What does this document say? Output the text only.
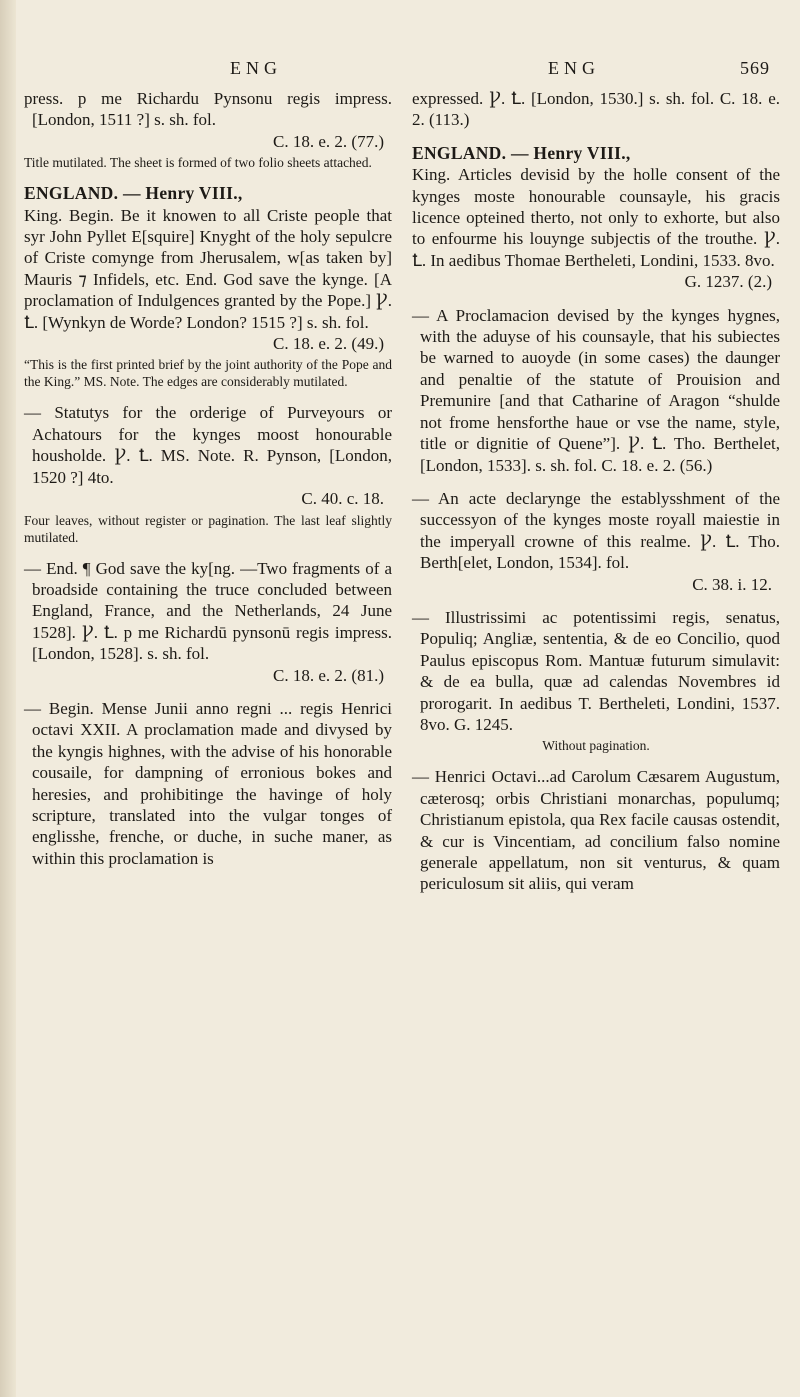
ENG	ENG	569

press. p me Richardu Pynsonu regis impress. [London, 1511 ?] s. sh. fol.

C. 18. e. 2. (77.)

Title mutilated. The sheet is formed of two folio sheets attached.

ENGLAND. — Henry VIII.,

King. Begin. Be it knowen to all Criste people that syr John Pyllet E[squire] Knyght of the holy sepulcre of Criste comynge from Jherusalem, w[as taken by] Mauris ⁊ Infidels, etc. End. God save the kynge. [A proclamation of Indulgences granted by the Pope.] Ꝩ. Ꝉ. [Wynkyn de Worde? London? 1515 ?] s. sh. fol.

C. 18. e. 2. (49.)

“This is the first printed brief by the joint authority of the Pope and the King.” MS. Note. The edges are considerably mutilated.

— Statutys for the orderige of Purveyours or Achatours for the kynges moost honourable housholde. Ꝩ. Ꝉ. MS. Note. R. Pynson, [London, 1520 ?] 4to.

C. 40. c. 18.

Four leaves, without register or pagination. The last leaf slightly mutilated.

— End. ¶ God save the ky[ng. —Two fragments of a broadside containing the truce concluded between England, France, and the Netherlands, 24 June 1528]. Ꝩ. Ꝉ. p me Richardū pynsonū regis impress. [London, 1528]. s. sh. fol.

C. 18. e. 2. (81.)

— Begin. Mense Junii anno regni ... regis Henrici octavi XXII. A proclamation made and divysed by the kyngis highnes, with the advise of his honorable cousaile, for dampning of erronious bokes and heresies, and prohibitinge the havinge of holy scripture, translated into the vulgar tonges of englisshe, frenche, or duche, in suche maner, as within this proclamation is

expressed. Ꝩ. Ꝉ. [London, 1530.] s. sh. fol. C. 18. e. 2. (113.)

ENGLAND. — Henry VIII.,

King. Articles devisid by the holle consent of the kynges moste honourable counsayle, his gracis licence opteined therto, not only to exhorte, but also to enfourme his louynge subjectis of the trouthe. Ꝩ. Ꝉ. In aedibus Thomae Bertheleti, Londini, 1533. 8vo.

G. 1237. (2.)

— A Proclamacion devised by the kynges hygnes, with the aduyse of his counsayle, that his subiectes be warned to auoyde (in some cases) the daunger and penaltie of the statute of Prouision and Premunire [and that Catharine of Aragon “shulde not frome hensforthe haue or vse the name, style, title or dignitie of Quene”]. Ꝩ. Ꝉ. Tho. Berthelet, [London, 1533]. s. sh. fol. C. 18. e. 2. (56.)

— An acte declarynge the establysshment of the successyon of the kynges moste royall maiestie in the imperyall crowne of this realme. Ꝩ. Ꝉ. Tho. Berth[elet, London, 1534]. fol.

C. 38. i. 12.

— Illustrissimi ac potentissimi regis, senatus, Populiq; Angliæ, sententia, & de eo Concilio, quod Paulus episcopus Rom. Mantuæ futurum simulavit: & de ea bulla, quæ ad calendas Novembres id prorogarit. In aedibus T. Bertheleti, Londini, 1537. 8vo. G. 1245.

Without pagination.

— Henrici Octavi...ad Carolum Cæsarem Augustum, cæterosq; orbis Christiani monarchas, populumq; Christianum epistola, qua Rex facile causas ostendit, & cur is Vincentiam, ad concilium falso nomine generale appellatum, non sit venturus, & quam periculosum sit aliis, qui veram
